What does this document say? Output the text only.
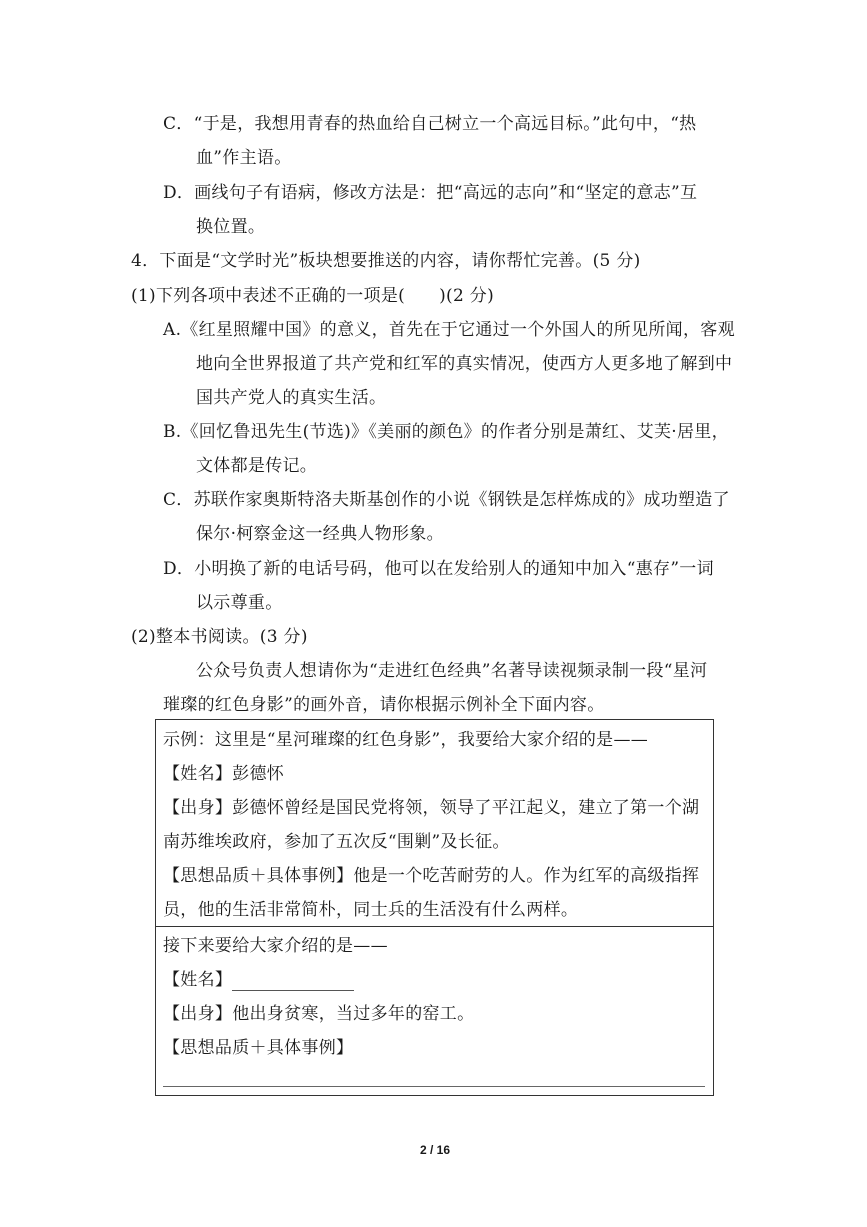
C．“于是，我想用青春的热血给自己树立一个高远目标。”此句中，“热
血”作主语。
D．画线句子有语病，修改方法是：把“高远的志向”和“坚定的意志”互
换位置。
4．下面是“文学时光”板块想要推送的内容，请你帮忙完善。(5 分)
(1)下列各项中表述不正确的一项是( )(2 分)
A.《红星照耀中国》的意义，首先在于它通过一个外国人的所见所闻，客观
地向全世界报道了共产党和红军的真实情况，使西方人更多地了解到中
国共产党人的真实生活。
B.《回忆鲁迅先生(节选)》《美丽的颜色》的作者分别是萧红、艾芙·居里，
文体都是传记。
C．苏联作家奥斯特洛夫斯基创作的小说《钢铁是怎样炼成的》成功塑造了
保尔·柯察金这一经典人物形象。
D．小明换了新的电话号码，他可以在发给别人的通知中加入“惠存”一词
以示尊重。
(2)整本书阅读。(3 分)
公众号负责人想请你为“走进红色经典”名著导读视频录制一段“星河
璀璨的红色身影”的画外音，请你根据示例补全下面内容。
示例：这里是“星河璀璨的红色身影”，我要给大家介绍的是——
【姓名】彭德怀
【出身】彭德怀曾经是国民党将领，领导了平江起义，建立了第一个湖
南苏维埃政府，参加了五次反“围剿”及长征。
【思想品质＋具体事例】他是一个吃苦耐劳的人。作为红军的高级指挥
员，他的生活非常简朴，同士兵的生活没有什么两样。
接下来要给大家介绍的是——
【姓名】
【出身】他出身贫寒，当过多年的窑工。
【思想品质＋具体事例】
2 / 16
